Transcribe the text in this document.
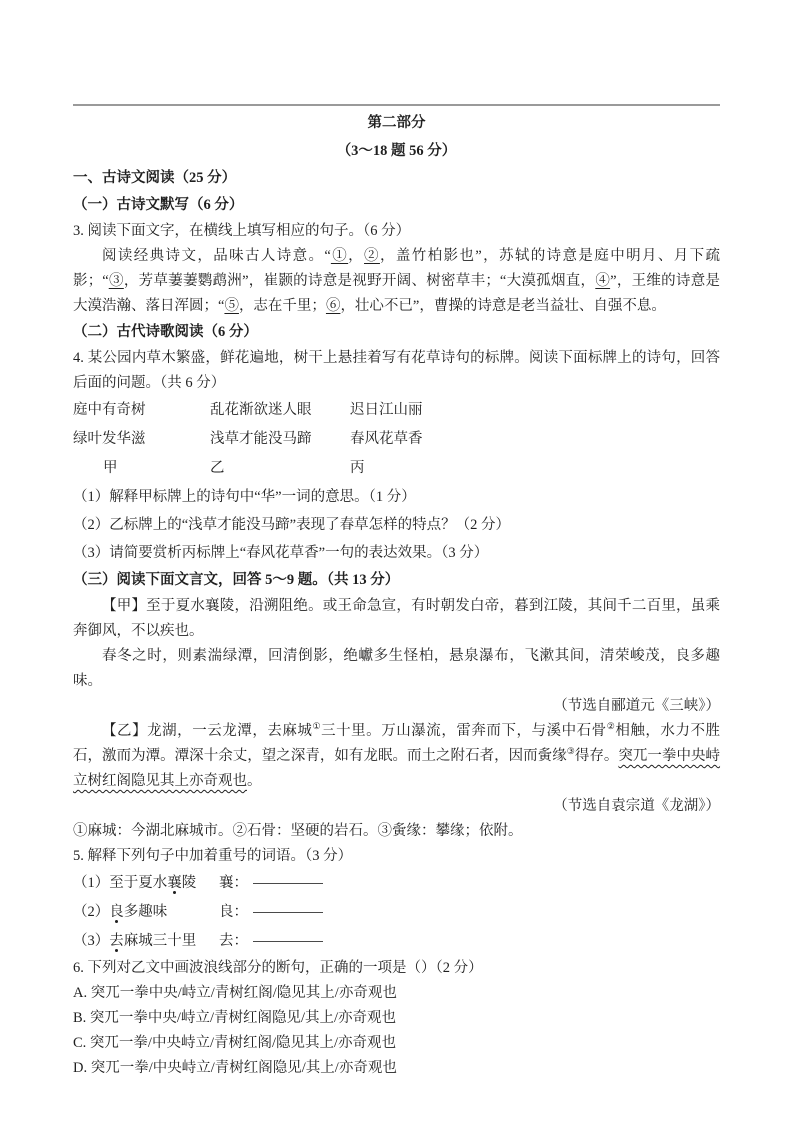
第二部分
（3～18 题 56 分）
一、古诗文阅读（25 分）
（一）古诗文默写（6 分）
3. 阅读下面文字，在横线上填写相应的句子。（6 分）
阅读经典诗文，品味古人诗意。“①，②，盖竹柏影也”，苏轼的诗意是庭中明月、月下疏影；“③，芳草萋萋鹦鹉洲”，崔颢的诗意是视野开阔、树密草丰；“大漠孤烟直，④”，王维的诗意是大漠浩瀚、落日浑圆；“⑤，志在千里；⑥，壮心不已”，曹操的诗意是老当益壮、自强不息。
（二）古代诗歌阅读（6 分）
4. 某公园内草木繁盛，鲜花遍地，树干上悬挂着写有花草诗句的标牌。阅读下面标牌上的诗句，回答后面的问题。（共 6 分）
庭中有奇树	乱花渐欲迷人眼	迟日江山丽
绿叶发华滋	浅草才能没马蹄	春风花草香
甲	乙	丙
（1）解释甲标牌上的诗句中“华”一词的意思。（1 分）
（2）乙标牌上的“浅草才能没马蹄”表现了春草怎样的特点？（2 分）
（3）请简要赏析丙标牌上“春风花草香”一句的表达效果。（3 分）
（三）阅读下面文言文，回答 5～9 题。（共 13 分）
【甲】至于夏水襄陵，沿溯阻绝。或王命急宣，有时朝发白帝，暮到江陵，其间千二百里，虽乘奔御风，不以疾也。
春冬之时，则素湍绿潭，回清倒影，绝巘多生怪柏，悬泉瀑布，飞漱其间，清荣峻茂，良多趣味。
（节选自郦道元《三峡》）
【乙】龙湖，一云龙潭，去麻城①三十里。万山瀑流，雷奔而下，与溪中石骨②相触，水力不胜石，激而为潭。潭深十余丈，望之深青，如有龙眠。而土之附石者，因而夤缘③得存。突兀一拳中央峙立树红阁隐见其上亦奇观也。
（节选自袁宗道《龙湖》）
①麻城：今湖北麻城市。②石骨：坚硬的岩石。③夤缘：攀缘；依附。
5. 解释下列句子中加着重号的词语。（3 分）
（1）至于夏水襄陵	襄：
（2）良多趣味	良：
（3）去麻城三十里	去：
6. 下列对乙文中画波浪线部分的断句，正确的一项是（）（2 分）
A. 突兀一拳中央/峙立/青树红阁/隐见其上/亦奇观也
B. 突兀一拳中央/峙立/青树红阁隐见/其上/亦奇观也
C. 突兀一拳/中央峙立/青树红阁/隐见其上/亦奇观也
D. 突兀一拳/中央峙立/青树红阁隐见/其上/亦奇观也
